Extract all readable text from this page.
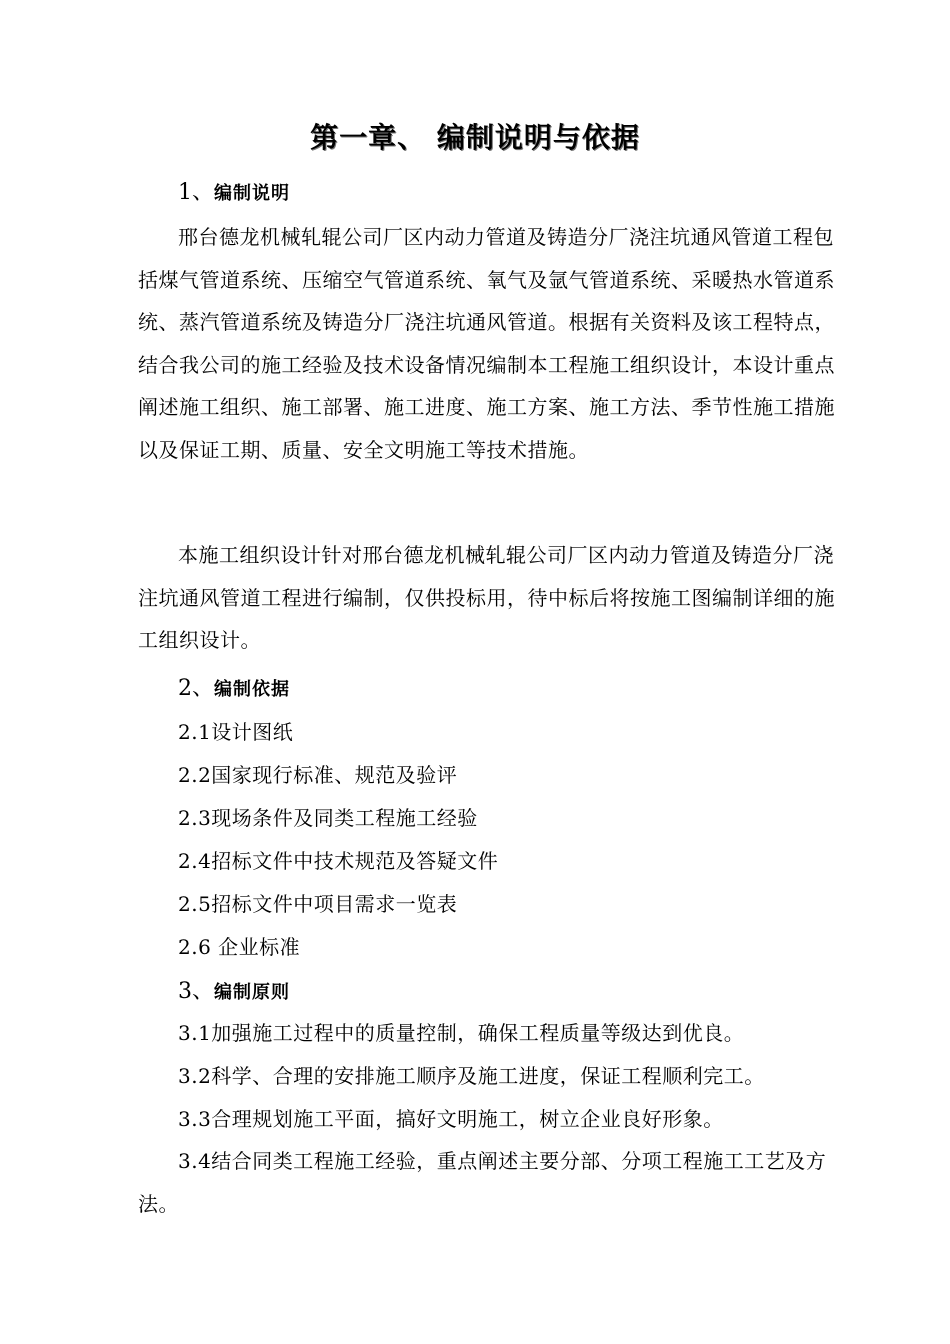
第一章、 编制说明与依据
1、编制说明

邢台德龙机械轧辊公司厂区内动力管道及铸造分厂浇注坑通风管道工程包括煤气管道系统、压缩空气管道系统、氧气及氩气管道系统、采暖热水管道系统、蒸汽管道系统及铸造分厂浇注坑通风管道。根据有关资料及该工程特点，结合我公司的施工经验及技术设备情况编制本工程施工组织设计，本设计重点阐述施工组织、施工部署、施工进度、施工方案、施工方法、季节性施工措施以及保证工期、质量、安全文明施工等技术措施。

本施工组织设计针对邢台德龙机械轧辊公司厂区内动力管道及铸造分厂浇注坑通风管道工程进行编制，仅供投标用，待中标后将按施工图编制详细的施工组织设计。

2、编制依据
2.1设计图纸
2.2国家现行标准、规范及验评
2.3现场条件及同类工程施工经验
2.4招标文件中技术规范及答疑文件
2.5招标文件中项目需求一览表
2.6 企业标准
3、编制原则
3.1加强施工过程中的质量控制，确保工程质量等级达到优良。
3.2科学、合理的安排施工顺序及施工进度，保证工程顺利完工。
3.3合理规划施工平面，搞好文明施工，树立企业良好形象。

3.4结合同类工程施工经验，重点阐述主要分部、分项工程施工工艺及方法。
